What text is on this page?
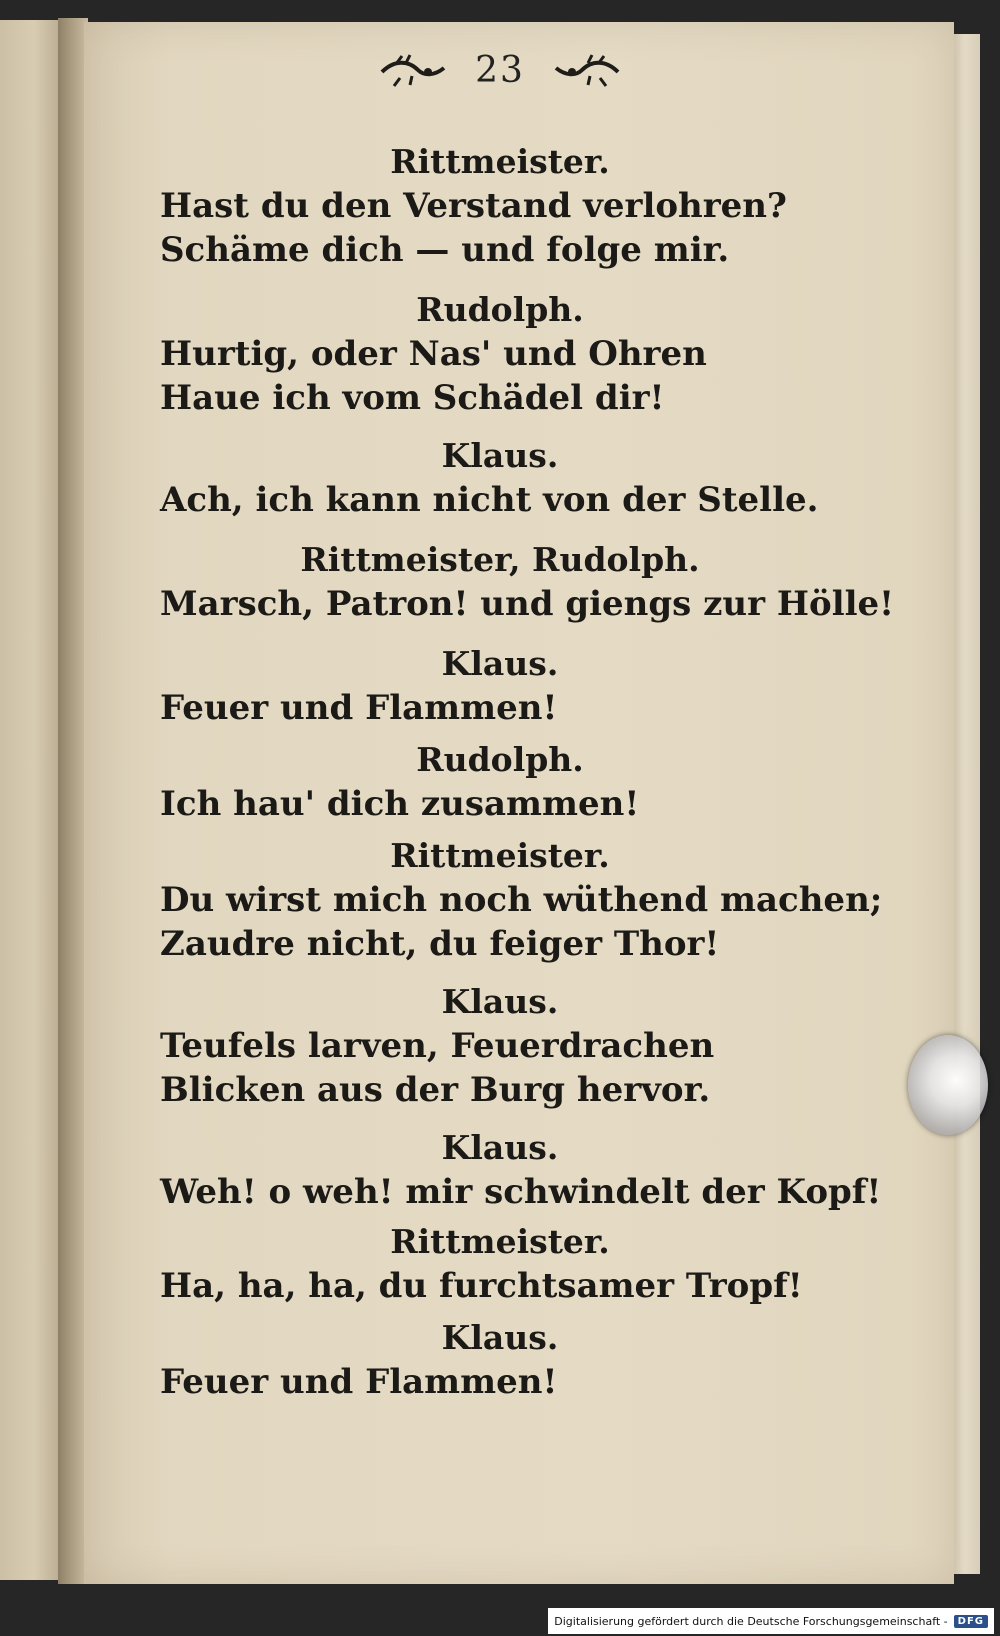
23
Rittmeister.
Hast du den Verstand verlohren?
Schäme dich — und folge mir.
Rudolph.
Hurtig, oder Nas' und Ohren
Haue ich vom Schädel dir!
Klaus.
Ach, ich kann nicht von der Stelle.
Rittmeister, Rudolph.
Marsch, Patron! und giengs zur Hölle!
Klaus.
Feuer und Flammen!
Rudolph.
Ich hau' dich zusammen!
Rittmeister.
Du wirst mich noch wüthend machen;
Zaudre nicht, du feiger Thor!
Klaus.
Teufels larven, Feuerdrachen
Blicken aus der Burg hervor.
Klaus.
Weh! o weh! mir schwindelt der Kopf!
Rittmeister.
Ha, ha, ha, du furchtsamer Tropf!
Klaus.
Feuer und Flammen!
Digitalisierung gefördert durch die Deutsche Forschungsgemeinschaft -	DFG
